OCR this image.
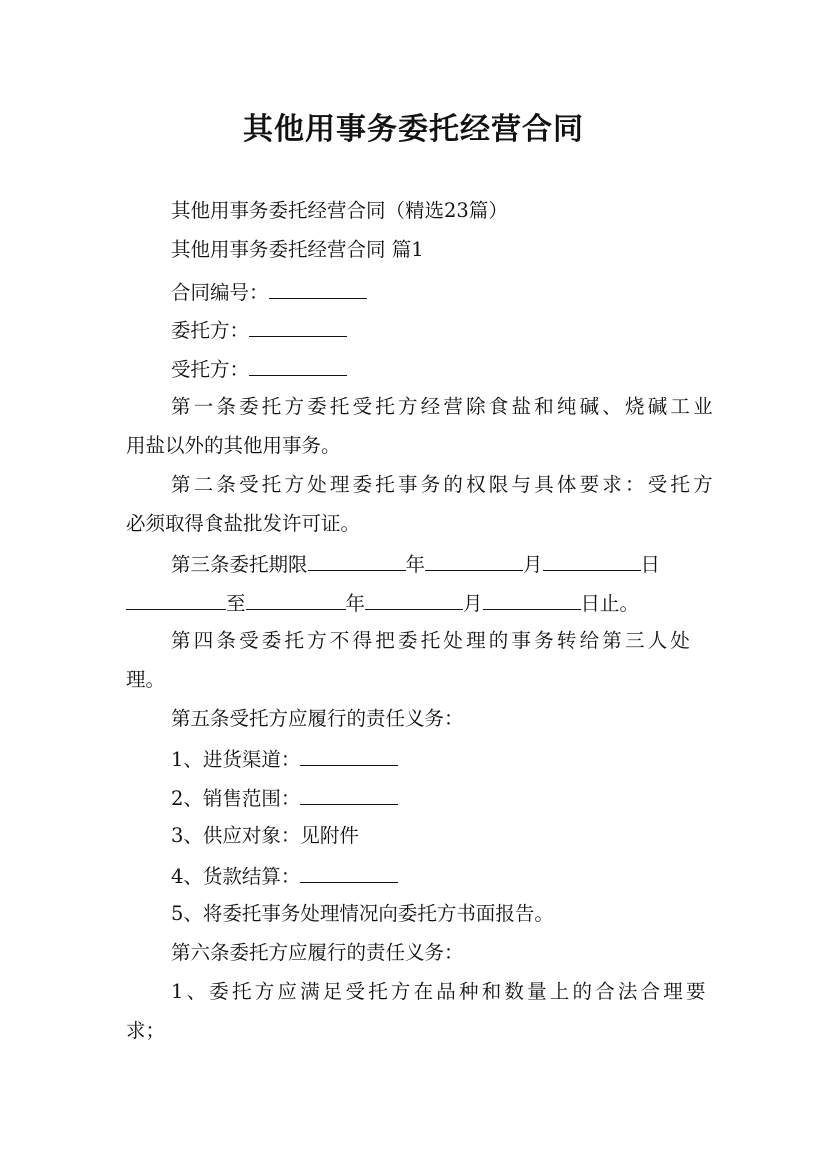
其他用事务委托经营合同
其他用事务委托经营合同（精选23篇）
其他用事务委托经营合同 篇1
合同编号：
委托方：
受托方：
第一条委托方委托受托方经营除食盐和纯碱、烧碱工业
用盐以外的其他用事务。
第二条受托方处理委托事务的权限与具体要求：受托方
必须取得食盐批发许可证。
第三条委托期限	年	月	日
至	年	月	日止。
第四条受委托方不得把委托处理的事务转给第三人处
理。
第五条受托方应履行的责任义务：
1、进货渠道：
2、销售范围：
3、供应对象：见附件
4、货款结算：
5、将委托事务处理情况向委托方书面报告。
第六条委托方应履行的责任义务：
1、委托方应满足受托方在品种和数量上的合法合理要
求；
